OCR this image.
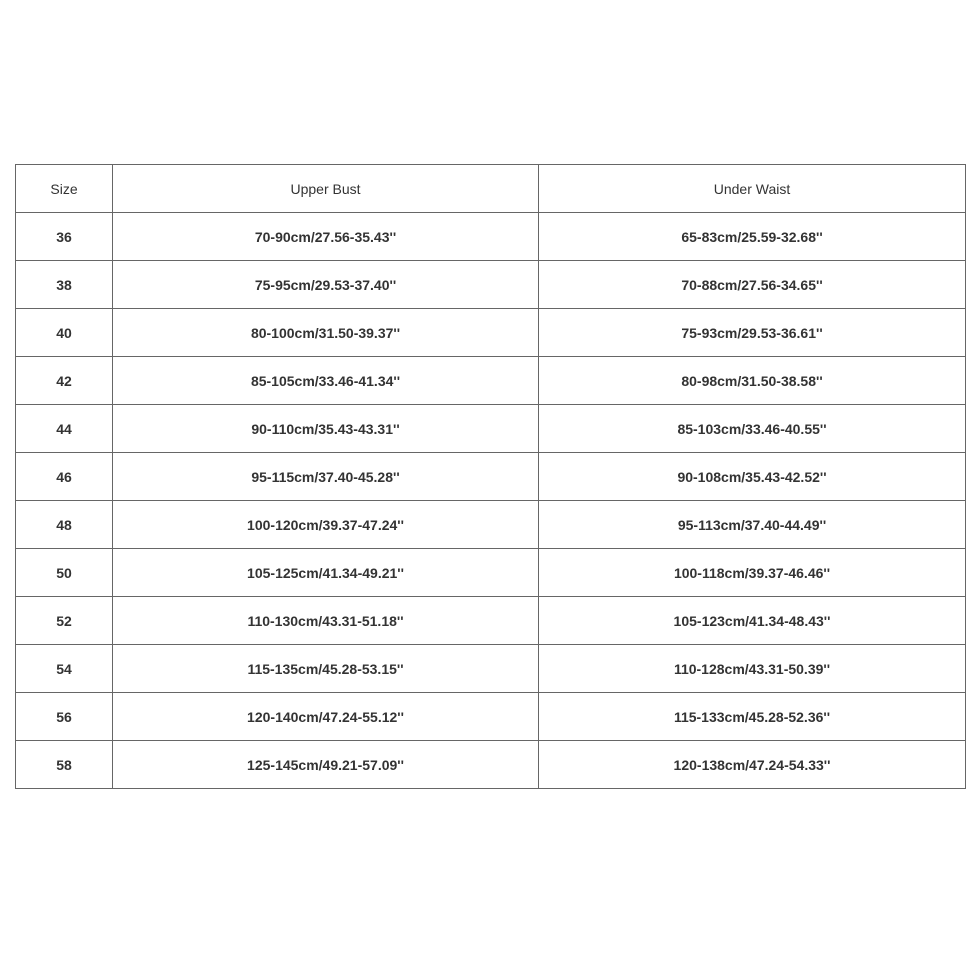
Size	Upper Bust	Under Waist
36	70-90cm/27.56-35.43''	65-83cm/25.59-32.68''
38	75-95cm/29.53-37.40''	70-88cm/27.56-34.65''
40	80-100cm/31.50-39.37''	75-93cm/29.53-36.61''
42	85-105cm/33.46-41.34''	80-98cm/31.50-38.58''
44	90-110cm/35.43-43.31''	85-103cm/33.46-40.55''
46	95-115cm/37.40-45.28''	90-108cm/35.43-42.52''
48	100-120cm/39.37-47.24''	95-113cm/37.40-44.49''
50	105-125cm/41.34-49.21''	100-118cm/39.37-46.46''
52	110-130cm/43.31-51.18''	105-123cm/41.34-48.43''
54	115-135cm/45.28-53.15''	110-128cm/43.31-50.39''
56	120-140cm/47.24-55.12''	115-133cm/45.28-52.36''
58	125-145cm/49.21-57.09''	120-138cm/47.24-54.33''
